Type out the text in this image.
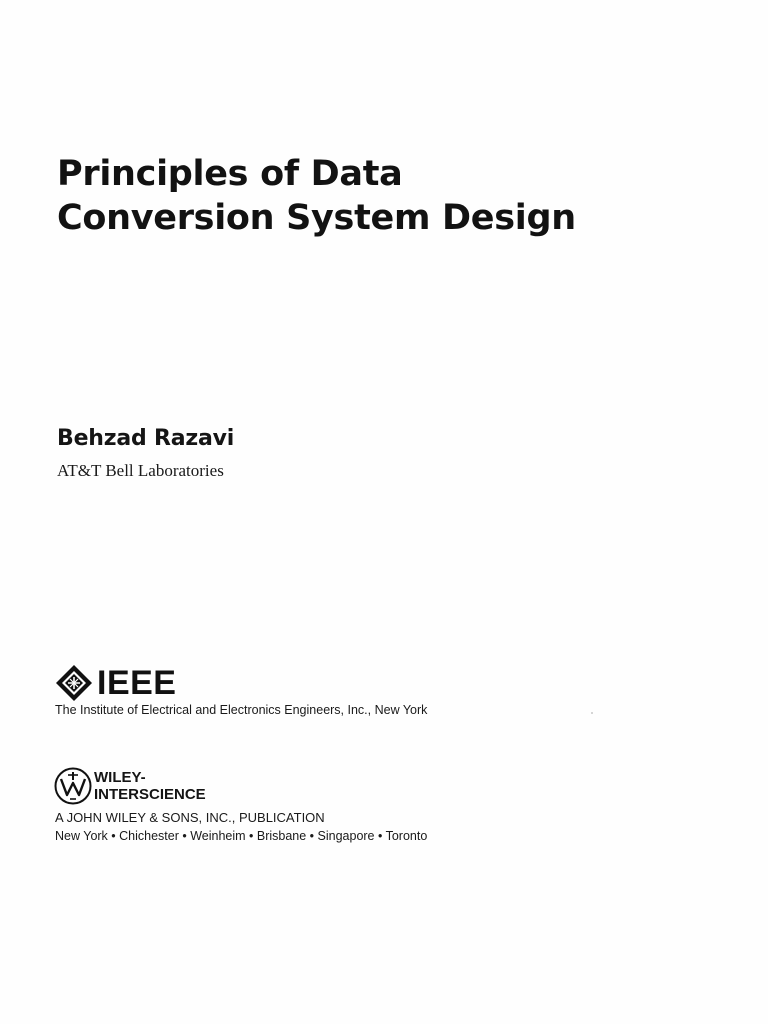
Principles of Data
Conversion System Design
Behzad Razavi
AT&T Bell Laboratories
IEEE
The Institute of Electrical and Electronics Engineers, Inc., New York
WILEY-
INTERSCIENCE
A JOHN WILEY & SONS, INC., PUBLICATION
New York • Chichester • Weinheim • Brisbane • Singapore • Toronto
